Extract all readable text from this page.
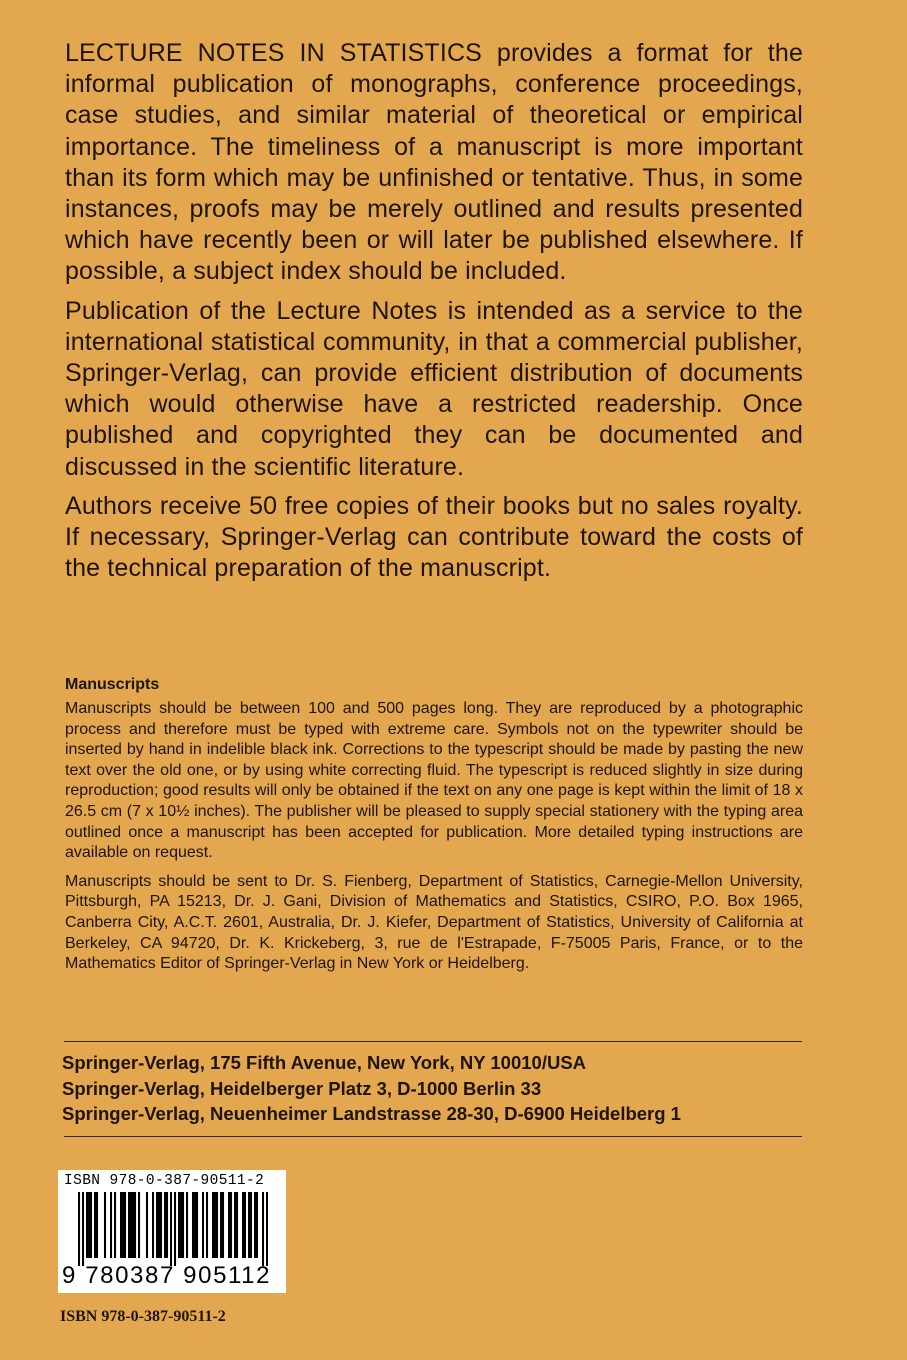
LECTURE NOTES IN STATISTICS provides a format for the informal publication of monographs, conference proceedings, case studies, and similar material of theoretical or empirical importance. The timeliness of a manuscript is more important than its form which may be unfinished or tentative. Thus, in some instances, proofs may be merely outlined and results presented which have recently been or will later be published elsewhere. If possible, a subject index should be included.

Publication of the Lecture Notes is intended as a service to the international statistical community, in that a commercial publisher, Springer-Verlag, can provide efficient distribution of documents which would otherwise have a restricted readership. Once published and copyrighted they can be documented and discussed in the scientific literature.

Authors receive 50 free copies of their books but no sales royalty. If necessary, Springer-Verlag can contribute toward the costs of the technical preparation of the manuscript.

Manuscripts

Manuscripts should be between 100 and 500 pages long. They are reproduced by a photographic process and therefore must be typed with extreme care. Symbols not on the typewriter should be inserted by hand in indelible black ink. Corrections to the typescript should be made by pasting the new text over the old one, or by using white correcting fluid. The typescript is reduced slightly in size during reproduction; good results will only be obtained if the text on any one page is kept within the limit of 18 x 26.5 cm (7 x 10½ inches). The publisher will be pleased to supply special stationery with the typing area outlined once a manuscript has been accepted for publication. More detailed typing instructions are available on request.

Manuscripts should be sent to Dr. S. Fienberg, Department of Statistics, Carnegie-Mellon University, Pittsburgh, PA 15213, Dr. J. Gani, Division of Mathematics and Statistics, CSIRO, P.O. Box 1965, Canberra City, A.C.T. 2601, Australia, Dr. J. Kiefer, Department of Statistics, University of California at Berkeley, CA 94720, Dr. K. Krickeberg, 3, rue de l'Estrapade, F-75005 Paris, France, or to the Mathematics Editor of Springer-Verlag in New York or Heidelberg.

Springer-Verlag, 175 Fifth Avenue, New York, NY 10010/USA
Springer-Verlag, Heidelberger Platz 3, D-1000 Berlin 33
Springer-Verlag, Neuenheimer Landstrasse 28-30, D-6900 Heidelberg 1
ISBN 978-0-387-90511-2
9 780387 905112
ISBN 978-0-387-90511-2
